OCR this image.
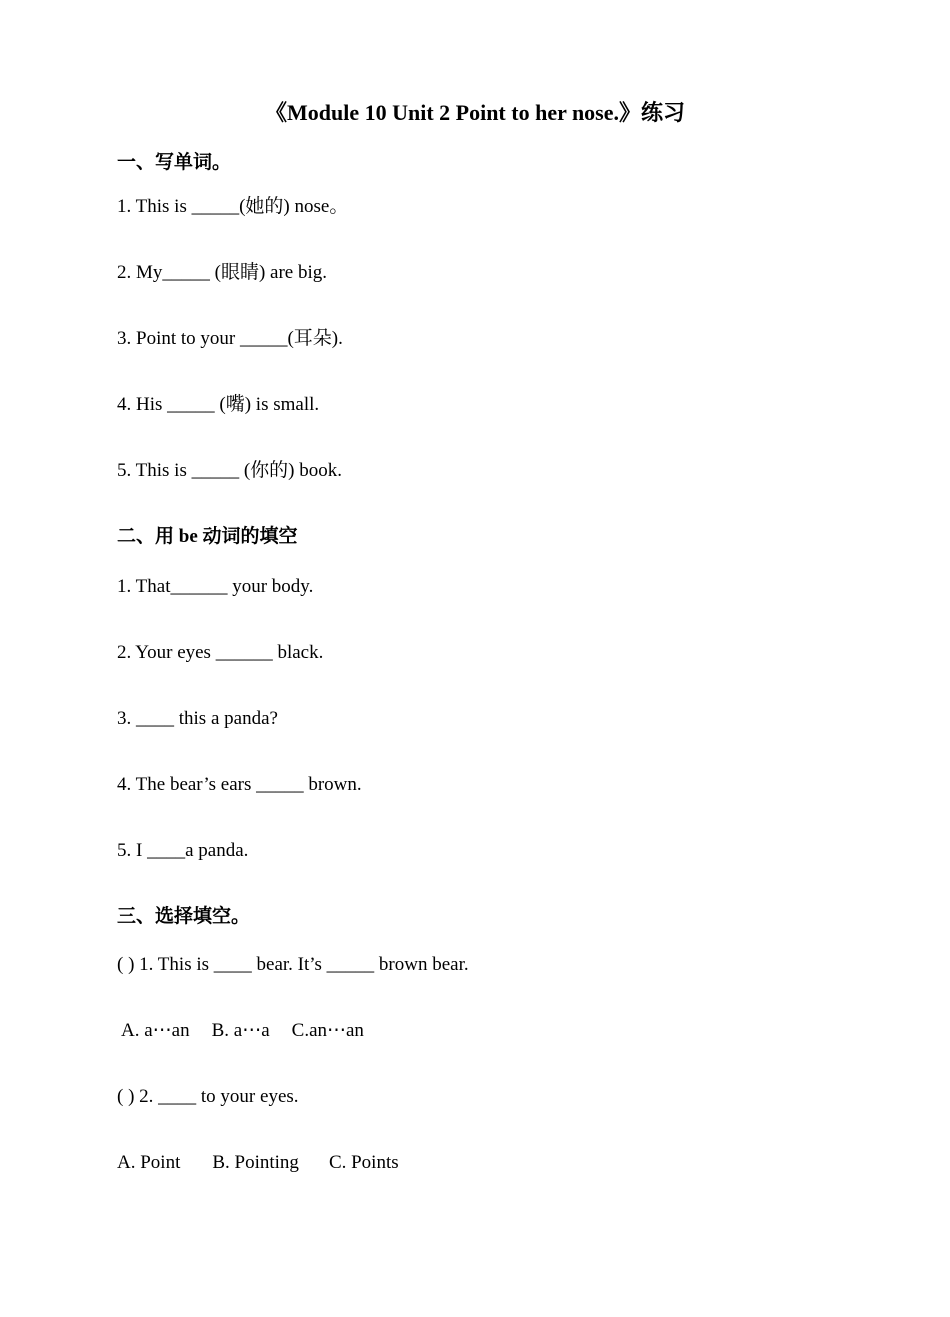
《Module 10 Unit 2 Point to her nose.》练习
一、写单词。
1. This is _____(她的) nose。
2. My_____ (眼睛) are big.
3. Point to your _____(耳朵).
4. His _____ (嘴) is small.
5. This is _____ (你的) book.
二、用 be 动词的填空
1. That______ your body.
2. Your eyes ______ black.
3. ____ this a panda?
4. The bear’s ears _____ brown.
5. I ____a panda.
三、选择填空。
( ) 1. This is ____ bear. It’s _____ brown bear.
A. a⋯an B. a⋯a C.an⋯an
( ) 2. ____ to your eyes.
A. Point B. Pointing C. Points
